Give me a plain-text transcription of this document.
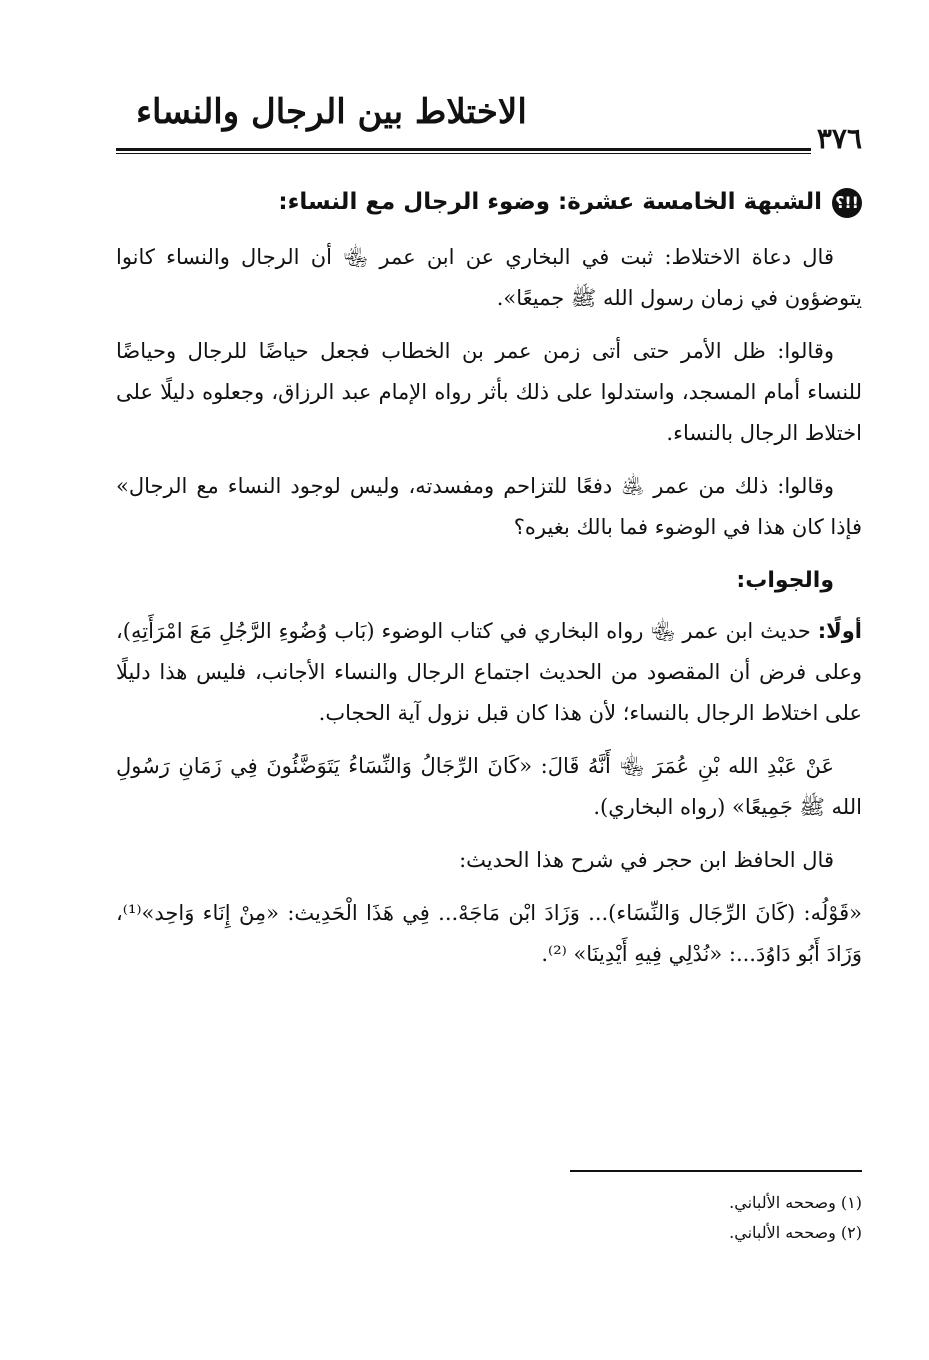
الاختلاط بين الرجال والنساء
٣٧٦
!!؟
الشبهة الخامسة عشرة: وضوء الرجال مع النساء:

قال دعاة الاختلاط: ثبت في البخاري عن ابن عمر ﵄ أن الرجال والنساء كانوا يتوضؤون في زمان رسول الله ﷺ جميعًا».

وقالوا: ظل الأمر حتى أتى زمن عمر بن الخطاب فجعل حياضًا للرجال وحياضًا للنساء أمام المسجد، واستدلوا على ذلك بأثر رواه الإمام عبد الرزاق، وجعلوه دليلًا على اختلاط الرجال بالنساء.

وقالوا: ذلك من عمر ﵁ دفعًا للتزاحم ومفسدته، وليس لوجود النساء مع الرجال» فإذا كان هذا في الوضوء فما بالك بغيره؟

والجواب:

أولًا: حديث ابن عمر ﵄ رواه البخاري في كتاب الوضوء (بَاب وُضُوءِ الرَّجُلِ مَعَ امْرَأَتِهِ)، وعلى فرض أن المقصود من الحديث اجتماع الرجال والنساء الأجانب، فليس هذا دليلًا على اختلاط الرجال بالنساء؛ لأن هذا كان قبل نزول آية الحجاب.

عَنْ عَبْدِ الله بْنِ عُمَرَ ﵄ أَنَّهُ قَالَ: «كَانَ الرِّجَالُ وَالنِّسَاءُ يَتَوَضَّئُونَ فِي زَمَانِ رَسُولِ الله ﷺ جَمِيعًا» (رواه البخاري).

قال الحافظ ابن حجر في شرح هذا الحديث:

«قَوْلُه: (كَانَ الرِّجَال وَالنِّسَاء)... وَزَادَ ابْن مَاجَهْ... فِي هَذَا الْحَدِيث: «مِنْ إِنَاء وَاحِد»⁽¹⁾، وَزَادَ أَبُو دَاوُدَ...: «نُدْلِي فِيهِ أَيْدِينَا» ⁽²⁾.

(١) وصححه الألباني.
(٢) وصححه الألباني.
